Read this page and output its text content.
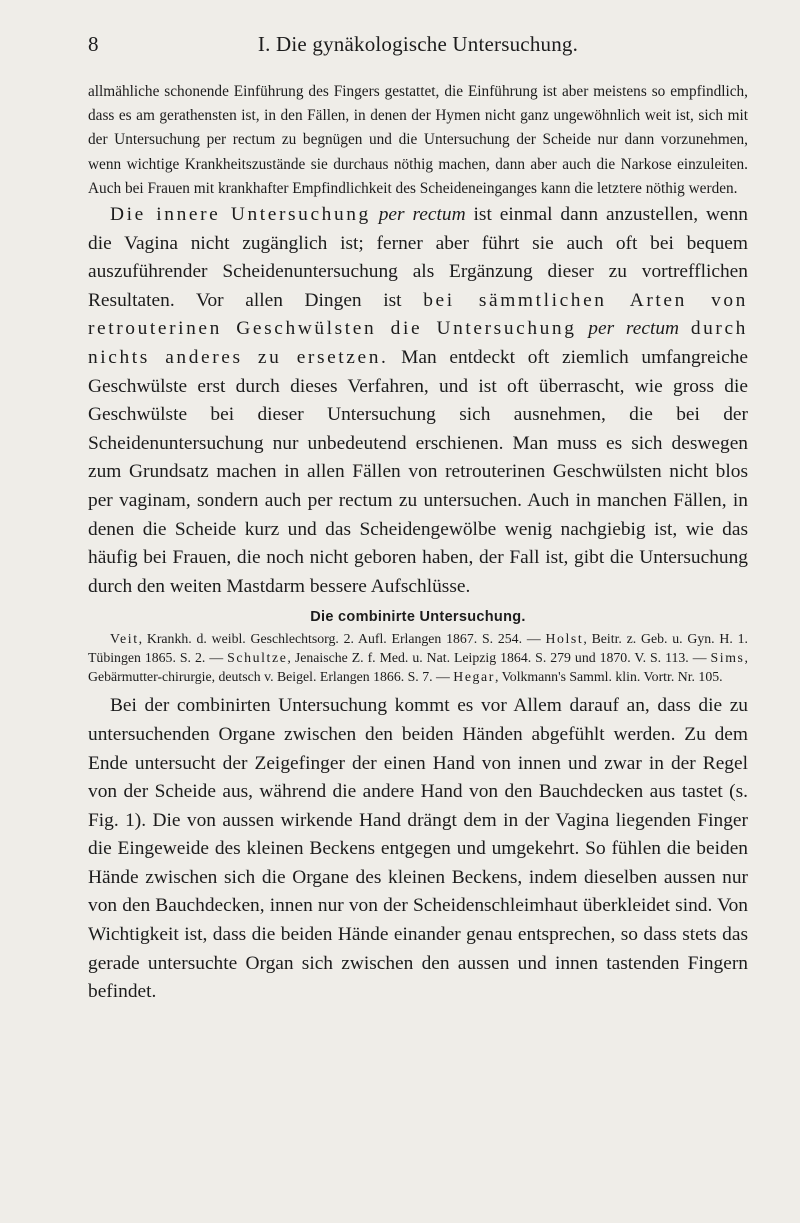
8	I. Die gynäkologische Untersuchung.

allmähliche schonende Einführung des Fingers gestattet, die Einführung ist aber meistens so empfindlich, dass es am gerathensten ist, in den Fällen, in denen der Hymen nicht ganz ungewöhnlich weit ist, sich mit der Untersuchung per rectum zu begnügen und die Untersuchung der Scheide nur dann vorzunehmen, wenn wichtige Krankheitszustände sie durchaus nöthig machen, dann aber auch die Narkose einzuleiten. Auch bei Frauen mit krankhafter Empfindlichkeit des Scheideneinganges kann die letztere nöthig werden.

Die innere Untersuchung per rectum ist einmal dann anzustellen, wenn die Vagina nicht zugänglich ist; ferner aber führt sie auch oft bei bequem auszuführender Scheidenuntersuchung als Ergänzung dieser zu vortrefflichen Resultaten. Vor allen Dingen ist bei sämmtlichen Arten von retrouterinen Geschwülsten die Untersuchung per rectum durch nichts anderes zu ersetzen. Man entdeckt oft ziemlich umfangreiche Geschwülste erst durch dieses Verfahren, und ist oft überrascht, wie gross die Geschwülste bei dieser Untersuchung sich ausnehmen, die bei der Scheidenuntersuchung nur unbedeutend erschienen. Man muss es sich deswegen zum Grundsatz machen in allen Fällen von retrouterinen Geschwülsten nicht blos per vaginam, sondern auch per rectum zu untersuchen. Auch in manchen Fällen, in denen die Scheide kurz und das Scheidengewölbe wenig nachgiebig ist, wie das häufig bei Frauen, die noch nicht geboren haben, der Fall ist, gibt die Untersuchung durch den weiten Mastdarm bessere Aufschlüsse.

Die combinirte Untersuchung.

Veit, Krankh. d. weibl. Geschlechtsorg. 2. Aufl. Erlangen 1867. S. 254. — Holst, Beitr. z. Geb. u. Gyn. H. 1. Tübingen 1865. S. 2. — Schultze, Jenaische Z. f. Med. u. Nat. Leipzig 1864. S. 279 und 1870. V. S. 113. — Sims, Gebärmutter-chirurgie, deutsch v. Beigel. Erlangen 1866. S. 7. — Hegar, Volkmann's Samml. klin. Vortr. Nr. 105.

Bei der combinirten Untersuchung kommt es vor Allem darauf an, dass die zu untersuchenden Organe zwischen den beiden Händen abgefühlt werden. Zu dem Ende untersucht der Zeigefinger der einen Hand von innen und zwar in der Regel von der Scheide aus, während die andere Hand von den Bauchdecken aus tastet (s. Fig. 1). Die von aussen wirkende Hand drängt dem in der Vagina liegenden Finger die Eingeweide des kleinen Beckens entgegen und umgekehrt. So fühlen die beiden Hände zwischen sich die Organe des kleinen Beckens, indem dieselben aussen nur von den Bauchdecken, innen nur von der Scheidenschleimhaut überkleidet sind. Von Wichtigkeit ist, dass die beiden Hände einander genau entsprechen, so dass stets das gerade untersuchte Organ sich zwischen den aussen und innen tastenden Fingern befindet.
